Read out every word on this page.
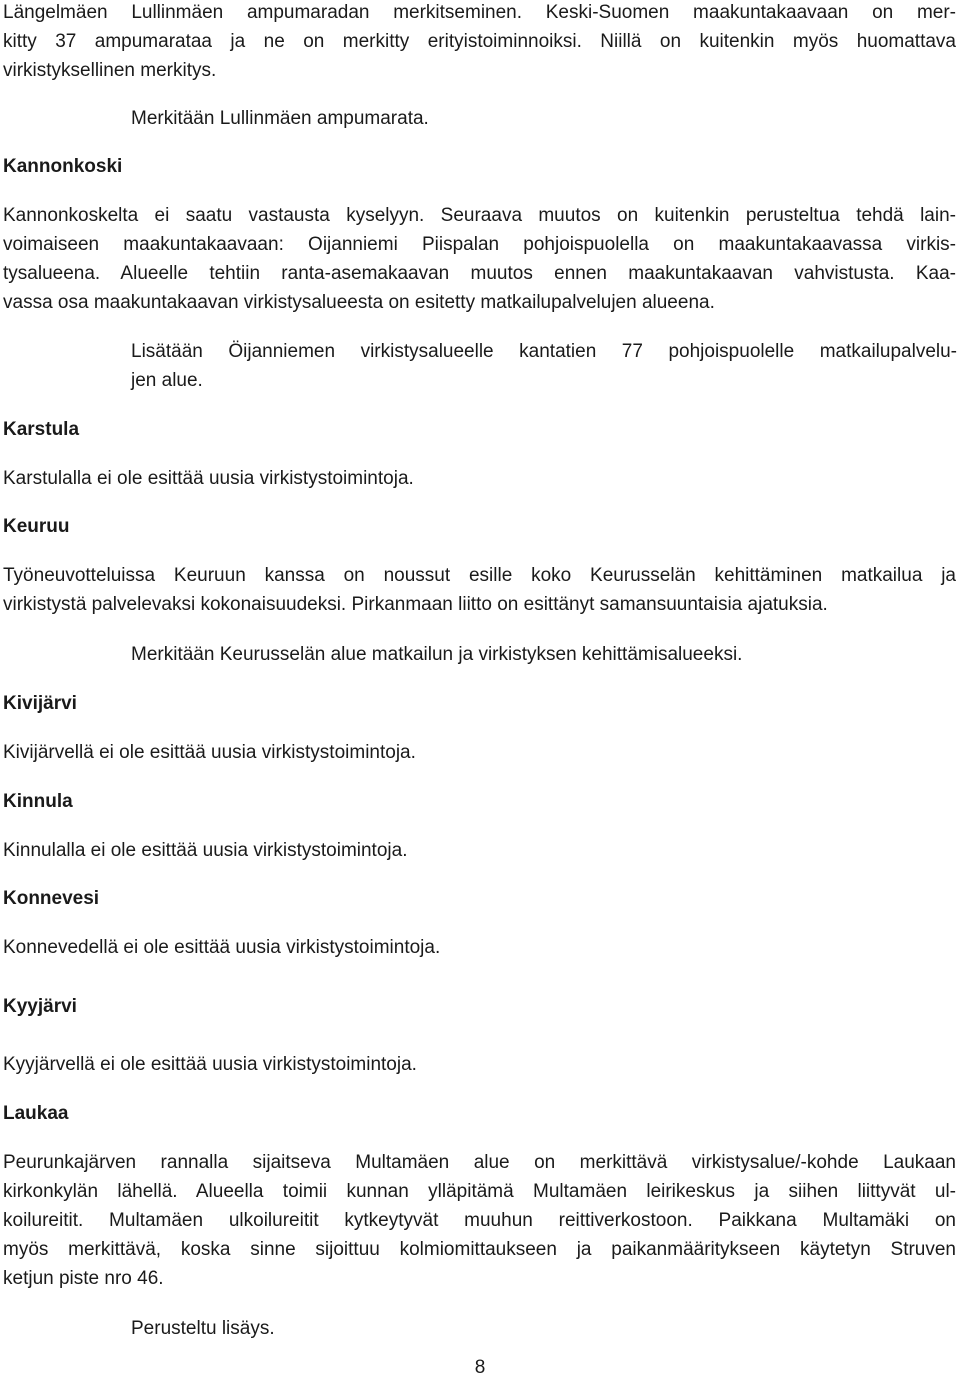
Längelmäen Lullinmäen ampumaradan merkitseminen. Keski-Suomen maakuntakaavaan on mer-
kitty 37 ampumarataa ja ne on merkitty erityistoiminnoiksi. Niillä on kuitenkin myös huomattava
virkistyksellinen merkitys.
Merkitään Lullinmäen ampumarata.
Kannonkoski
Kannonkoskelta ei saatu vastausta kyselyyn. Seuraava muutos on kuitenkin perusteltua tehdä lain-
voimaiseen maakuntakaavaan: Oijanniemi Piispalan pohjoispuolella on maakuntakaavassa virkis-
tysalueena. Alueelle tehtiin ranta-asemakaavan muutos ennen maakuntakaavan vahvistusta. Kaa-
vassa osa maakuntakaavan virkistysalueesta on esitetty matkailupalvelujen alueena.
Lisätään Öijanniemen virkistysalueelle kantatien 77 pohjoispuolelle matkailupalvelu-
jen alue.
Karstula
Karstulalla ei ole esittää uusia virkistystoimintoja.
Keuruu
Työneuvotteluissa Keuruun kanssa on noussut esille koko Keurusselän kehittäminen matkailua ja
virkistystä palvelevaksi kokonaisuudeksi. Pirkanmaan liitto on esittänyt samansuuntaisia ajatuksia.
Merkitään Keurusselän alue matkailun ja virkistyksen kehittämisalueeksi.
Kivijärvi
Kivijärvellä ei ole esittää uusia virkistystoimintoja.
Kinnula
Kinnulalla ei ole esittää uusia virkistystoimintoja.
Konnevesi
Konnevedellä ei ole esittää uusia virkistystoimintoja.
Kyyjärvi
Kyyjärvellä ei ole esittää uusia virkistystoimintoja.
Laukaa
Peurunkajärven rannalla sijaitseva Multamäen alue on merkittävä virkistysalue/-kohde Laukaan
kirkonkylän lähellä. Alueella toimii kunnan ylläpitämä Multamäen leirikeskus ja siihen liittyvät ul-
koilureitit. Multamäen ulkoilureitit kytkeytyvät muuhun reittiverkostoon. Paikkana Multamäki on
myös merkittävä, koska sinne sijoittuu kolmiomittaukseen ja paikanmääritykseen käytetyn Struven
ketjun piste nro 46.
Perusteltu lisäys.
8
